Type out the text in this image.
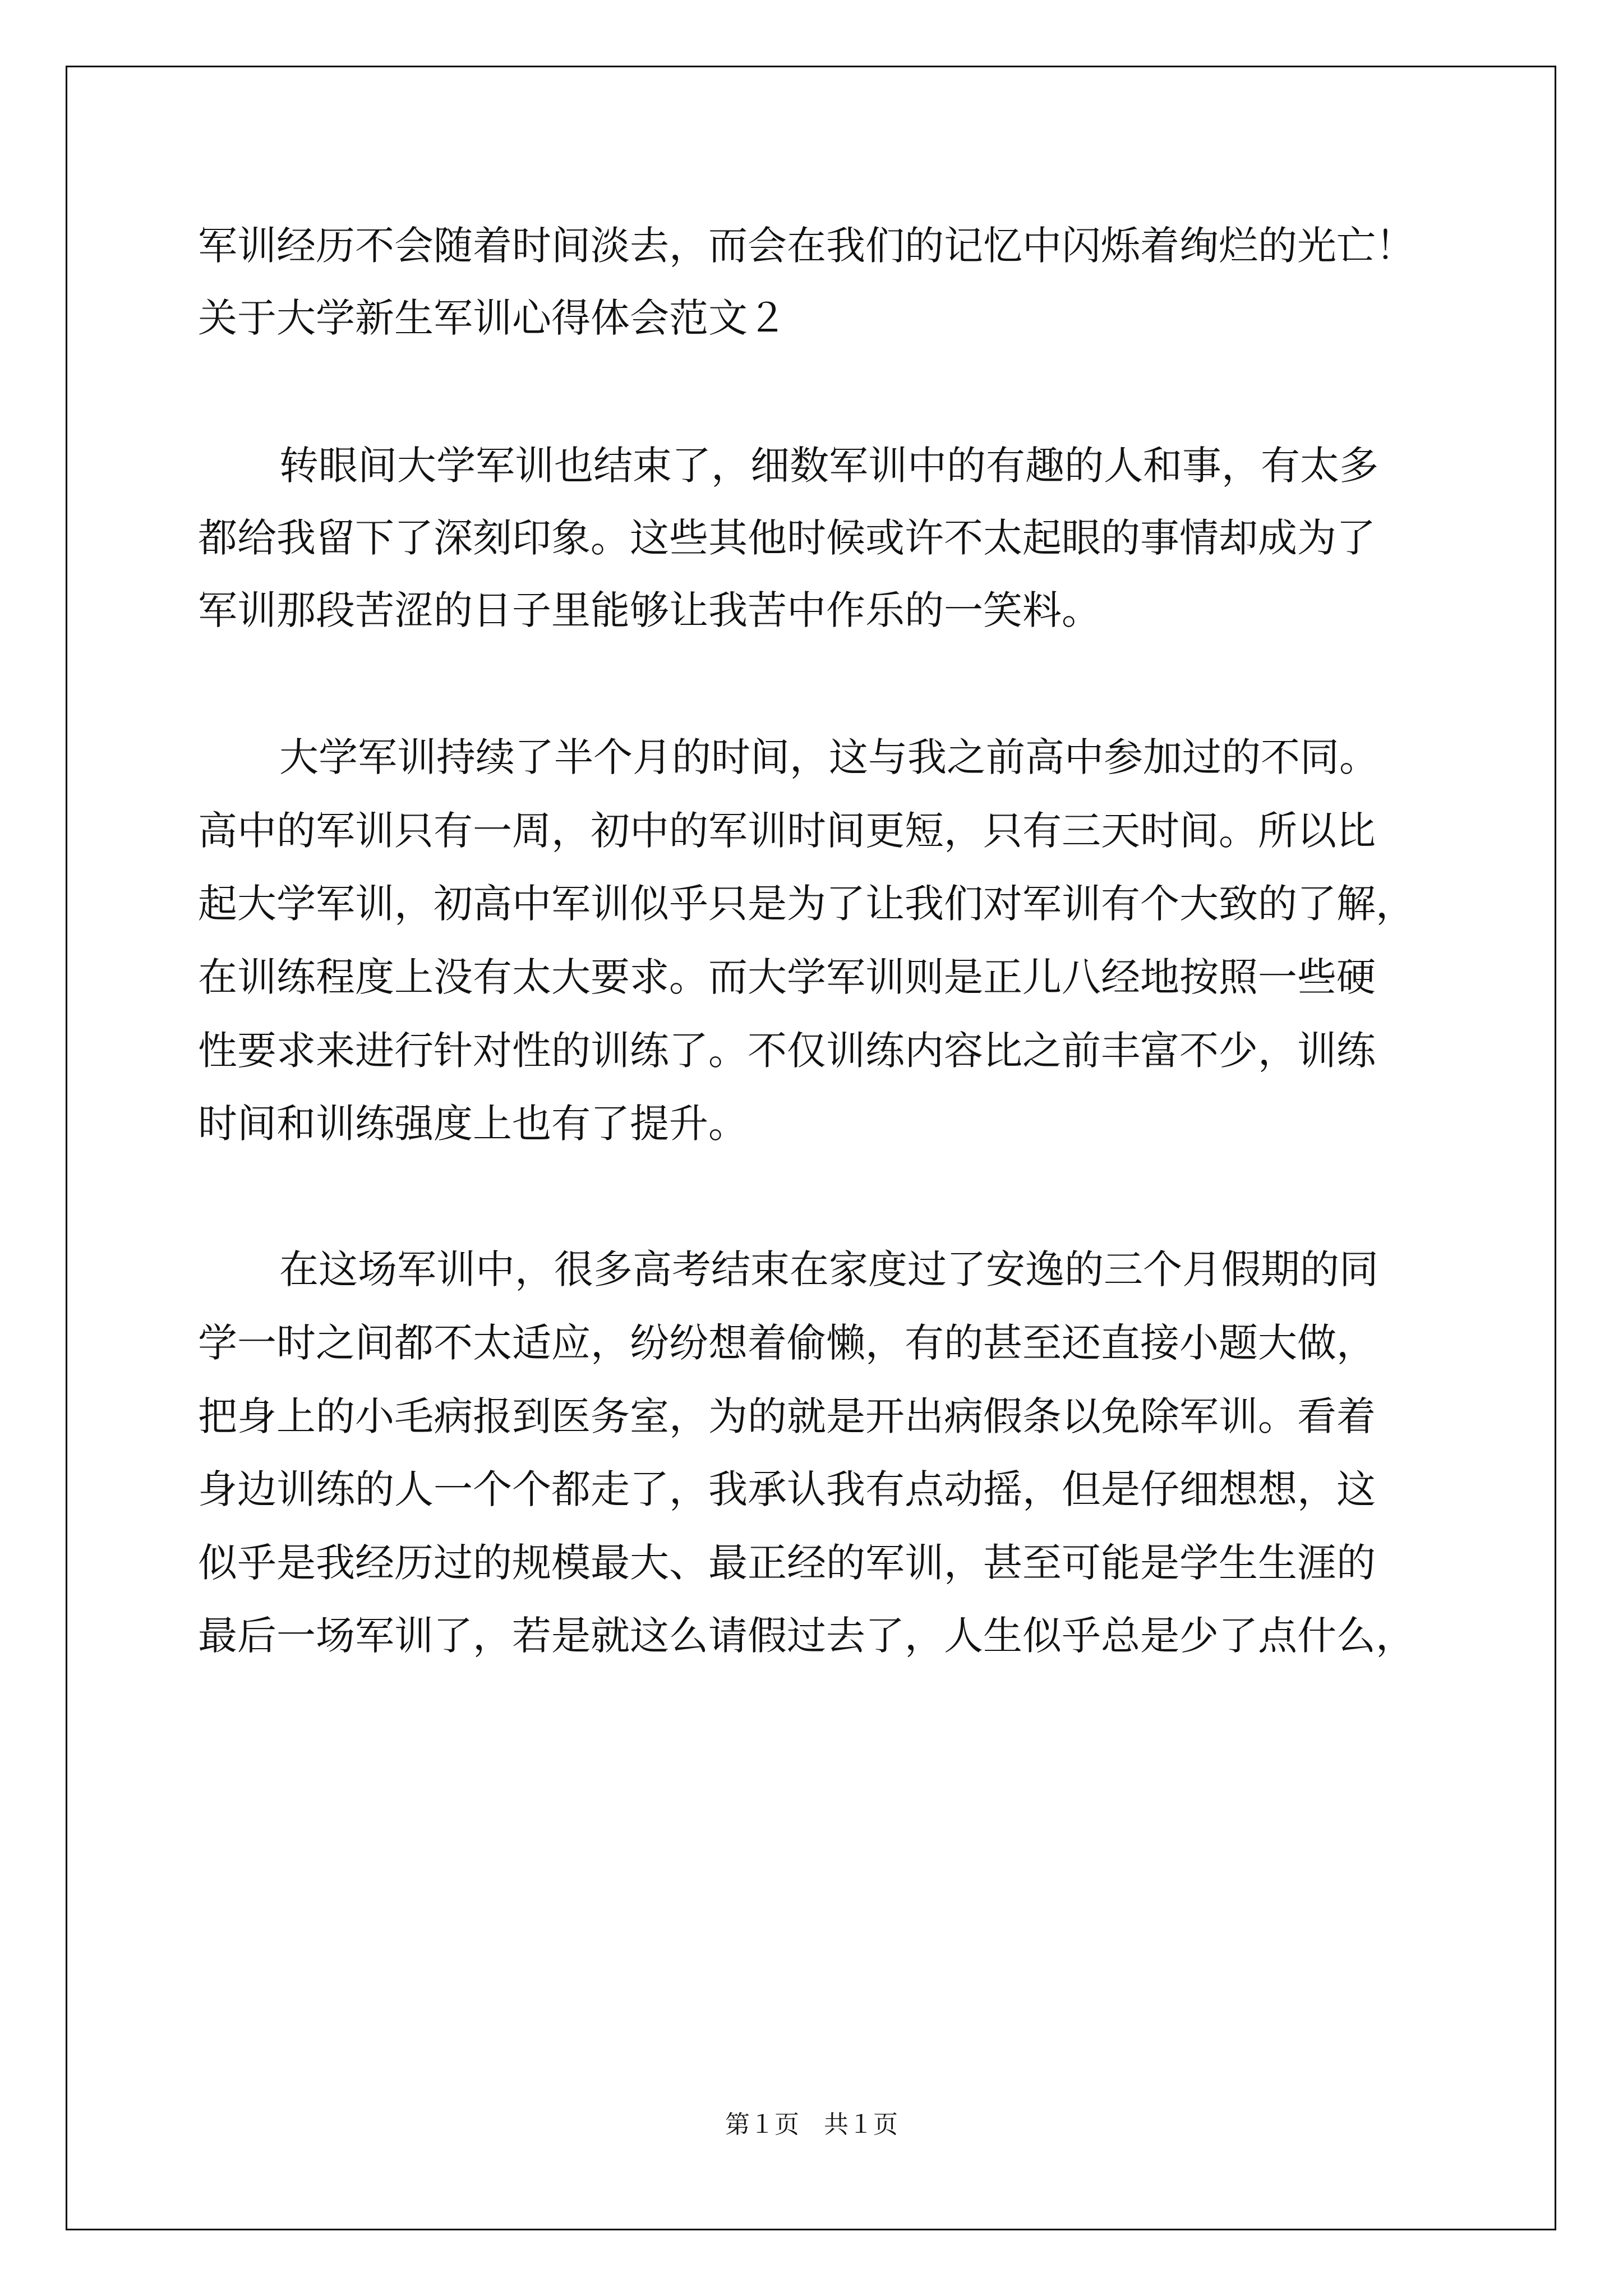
军训经历不会随着时间淡去，而会在我们的记忆中闪烁着绚烂的光亡！
关于大学新生军训心得体会范文２
转眼间大学军训也结束了，细数军训中的有趣的人和事，有太多
都给我留下了深刻印象。这些其他时候或许不太起眼的事情却成为了
军训那段苦涩的日子里能够让我苦中作乐的一笑料。
大学军训持续了半个月的时间，这与我之前高中参加过的不同。
高中的军训只有一周，初中的军训时间更短，只有三天时间。所以比
起大学军训，初高中军训似乎只是为了让我们对军训有个大致的了解，
在训练程度上没有太大要求。而大学军训则是正儿八经地按照一些硬
性要求来进行针对性的训练了。不仅训练内容比之前丰富不少，训练
时间和训练强度上也有了提升。
在这场军训中，很多高考结束在家度过了安逸的三个月假期的同
学一时之间都不太适应，纷纷想着偷懒，有的甚至还直接小题大做，
把身上的小毛病报到医务室，为的就是开出病假条以免除军训。看着
身边训练的人一个个都走了，我承认我有点动摇，但是仔细想想，这
似乎是我经历过的规模最大、最正经的军训，甚至可能是学生生涯的
最后一场军训了，若是就这么请假过去了，人生似乎总是少了点什么，
第１页　共１页
